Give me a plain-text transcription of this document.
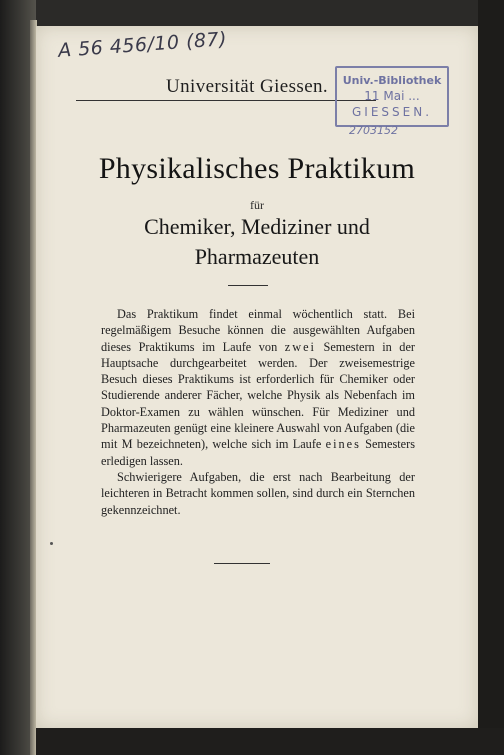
A 56 456/10 (87)
Universität Giessen.	Univ.-Bibliothek
11 Mai ...
GIESSEN.
2703152
Physikalisches Praktikum
für
Chemiker, Mediziner und
Pharmazeuten

Das Praktikum findet einmal wöchentlich statt. Bei regelmäßigem Besuche können die ausgewählten Aufgaben dieses Praktikums im Laufe von zwei Semestern in der Hauptsache durchgearbeitet werden. Der zweisemestrige Besuch dieses Praktikums ist erforderlich für Chemiker oder Studierende anderer Fächer, welche Physik als Nebenfach im Doktor-Examen zu wählen wünschen. Für Mediziner und Pharmazeuten genügt eine kleinere Auswahl von Aufgaben (die mit M bezeichneten), welche sich im Laufe eines Semesters erledigen lassen.

Schwierigere Aufgaben, die erst nach Bearbeitung der leichteren in Betracht kommen sollen, sind durch ein Sternchen gekennzeichnet.
